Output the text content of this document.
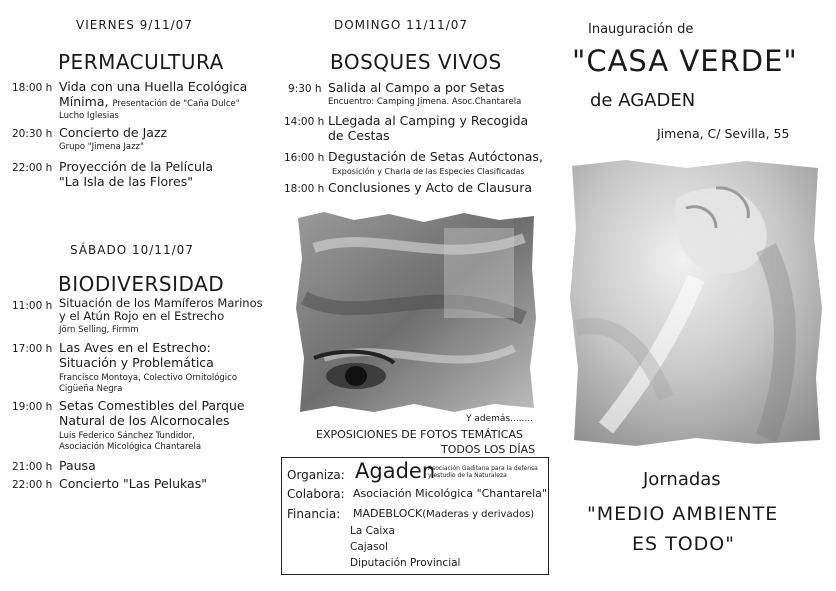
VIERNES 9/11/07
PERMACULTURA
18:00 h Vida con una Huella Ecológica
Mínima, Presentación de "Caña Dulce"
Lucho Iglesias
20:30 h Concierto de Jazz
Grupo "Jimena Jazz"
22:00 h Proyección de la Película
"La Isla de las Flores"
SÁBADO 10/11/07
BIODIVERSIDAD
11:00 h Situación de los Mamíferos Marinos
y el Atún Rojo en el Estrecho
Jörn Selling, Firmm
17:00 h Las Aves en el Estrecho:
Situación y Problemática
Francisco Montoya, Colectivo Ornitológico
Cigüeña Negra
19:00 h Setas Comestibles del Parque
Natural de los Alcornocales
Luis Federico Sánchez Tundidor,
Asociación Micológica Chantarela
21:00 h Pausa
22:00 h Concierto "Las Pelukas"
DOMINGO 11/11/07
BOSQUES VIVOS
9:30 h Salida al Campo a por Setas
Encuentro: Camping Jimena. Asoc.Chantarela
14:00 h LLegada al Camping y Recogida
de Cestas
16:00 h Degustación de Setas Autóctonas,
Exposición y Charla de las Especies Clasificadas
18:00 h Conclusiones y Acto de Clausura
Y además........
EXPOSICIONES DE FOTOS TEMÁTICAS
TODOS LOS DÍAS
Organiza: Agaden
Asociación Gaditana para la defensa
y estudio de la Naturaleza
Colabora: Asociación Micológica "Chantarela"
Financia: MADEBLOCK(Maderas y derivados)
La Caixa
Cajasol
Diputación Provincial
Inauguración de
"CASA VERDE"
de AGADEN
Jimena, C/ Sevilla, 55
Jornadas
"MEDIO AMBIENTE
ES TODO"
